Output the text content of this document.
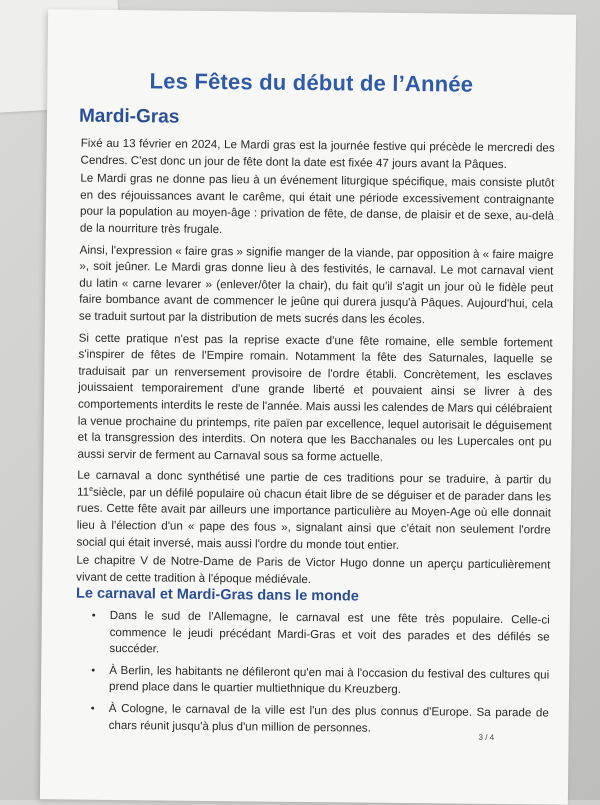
Les Fêtes du début de l’Année
Mardi-Gras

Fixé au 13 février en 2024, Le Mardi gras est la journée festive qui précède le mercredi des Cendres. C'est donc un jour de fête dont la date est fixée 47 jours avant la Pâques.

Le Mardi gras ne donne pas lieu à un événement liturgique spécifique, mais consiste plutôt en des réjouissances avant le carême, qui était une période excessivement contraignante pour la population au moyen-âge : privation de fête, de danse, de plaisir et de sexe, au-delà de la nourriture très frugale.

Ainsi, l'expression « faire gras » signifie manger de la viande, par opposition à « faire maigre », soit jeûner. Le Mardi gras donne lieu à des festivités, le carnaval. Le mot carnaval vient du latin « carne levarer » (enlever/ôter la chair), du fait qu'il s'agit un jour où le fidèle peut faire bombance avant de commencer le jeûne qui durera jusqu'à Pâques. Aujourd'hui, cela se traduit surtout par la distribution de mets sucrés dans les écoles.

Si cette pratique n'est pas la reprise exacte d'une fête romaine, elle semble fortement s'inspirer de fêtes de l'Empire romain. Notamment la fête des Saturnales, laquelle se traduisait par un renversement provisoire de l'ordre établi. Concrètement, les esclaves jouissaient temporairement d'une grande liberté et pouvaient ainsi se livrer à des comportements interdits le reste de l'année. Mais aussi les calendes de Mars qui célébraient la venue prochaine du printemps, rite païen par excellence, lequel autorisait le déguisement et la transgression des interdits. On notera que les Bacchanales ou les Lupercales ont pu aussi servir de ferment au Carnaval sous sa forme actuelle.

Le carnaval a donc synthétisé une partie de ces traditions pour se traduire, à partir du 11esiècle, par un défilé populaire où chacun était libre de se déguiser et de parader dans les rues. Cette fête avait par ailleurs une importance particulière au Moyen-Age où elle donnait lieu à l'élection d'un « pape des fous », signalant ainsi que c'était non seulement l'ordre social qui était inversé, mais aussi l'ordre du monde tout entier.

Le chapitre V de Notre-Dame de Paris de Victor Hugo donne un aperçu particulièrement vivant de cette tradition à l'époque médiévale.

Le carnaval et Mardi-Gras dans le monde
• Dans le sud de l'Allemagne, le carnaval est une fête très populaire. Celle-ci commence le jeudi précédant Mardi-Gras et voit des parades et des défilés se succéder.
• À Berlin, les habitants ne défileront qu'en mai à l'occasion du festival des cultures qui prend place dans le quartier multiethnique du Kreuzberg.
• À Cologne, le carnaval de la ville est l'un des plus connus d'Europe. Sa parade de chars réunit jusqu'à plus d'un million de personnes.
3 / 4
